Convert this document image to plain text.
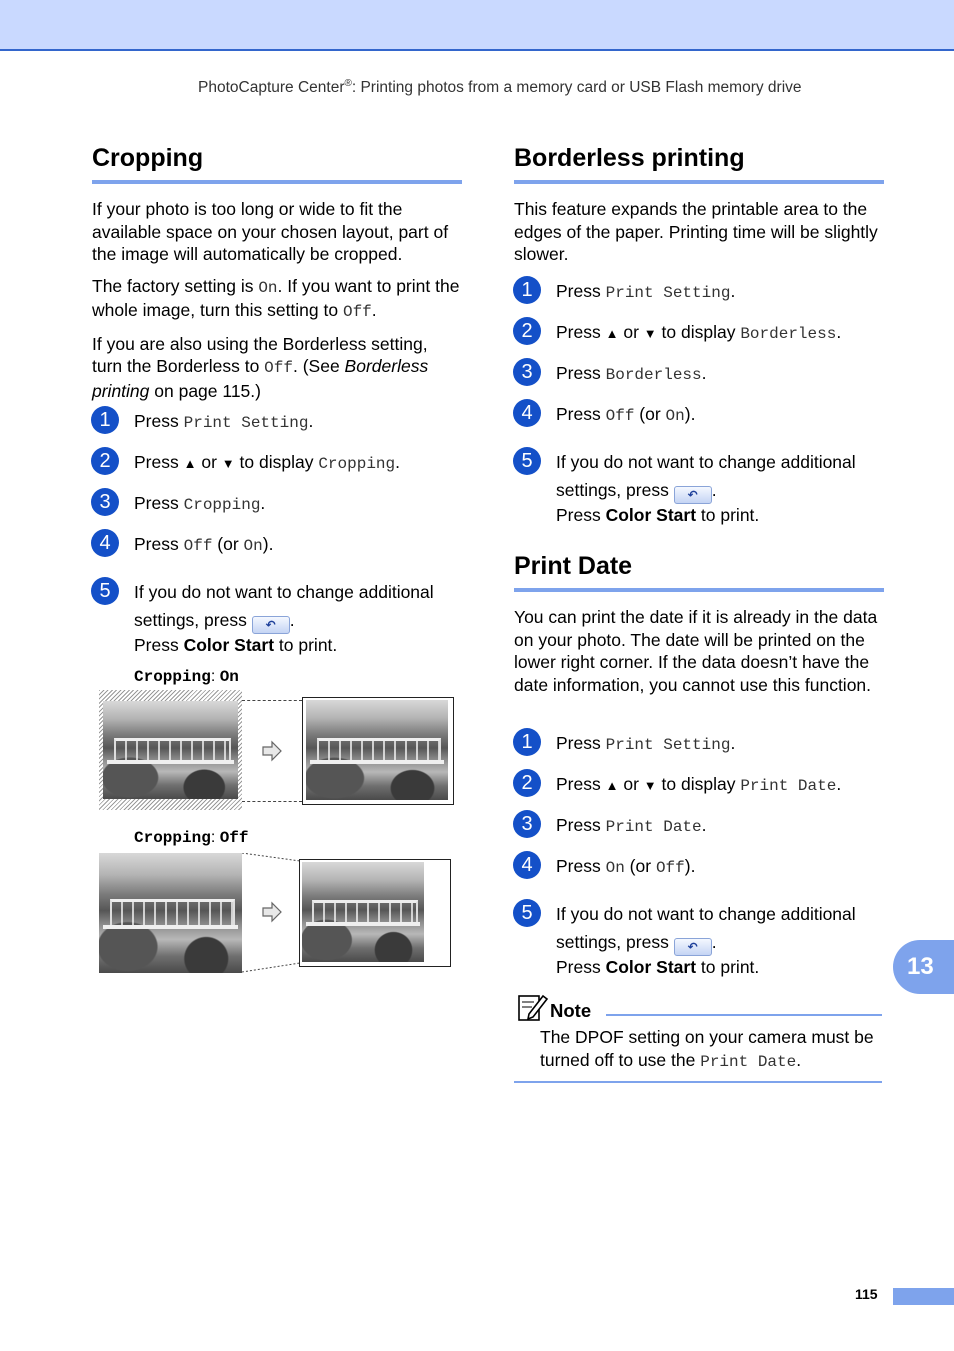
PhotoCapture Center®: Printing photos from a memory card or USB Flash memory drive
Cropping

If your photo is too long or wide to fit the available space on your chosen layout, part of the image will automatically be cropped.

The factory setting is On. If you want to print the whole image, turn this setting to Off.

If you are also using the Borderless setting, turn the Borderless to Off. (See Borderless printing on page 115.)

1	Press Print Setting.
2	Press ▲ or ▼ to display Cropping.
3	Press Cropping.
4	Press Off (or On).
5	If you do not want to change additional
settings, press ↶ .
Press Color Start to print.
Cropping: On
Cropping: Off
Borderless printing

This feature expands the printable area to the edges of the paper. Printing time will be slightly slower.

1	Press Print Setting.
2	Press ▲ or ▼ to display Borderless.
3	Press Borderless.
4	Press Off (or On).
5	If you do not want to change additional
settings, press ↶ .
Press Color Start to print.
Print Date

You can print the date if it is already in the data on your photo. The date will be printed on the lower right corner. If the data doesn’t have the date information, you cannot use this function.

1	Press Print Setting.
2	Press ▲ or ▼ to display Print Date.
3	Press Print Date.
4	Press On (or Off).
5	If you do not want to change additional
settings, press ↶ .
Press Color Start to print.
Note
The DPOF setting on your camera must be turned off to use the Print Date.
13
115
